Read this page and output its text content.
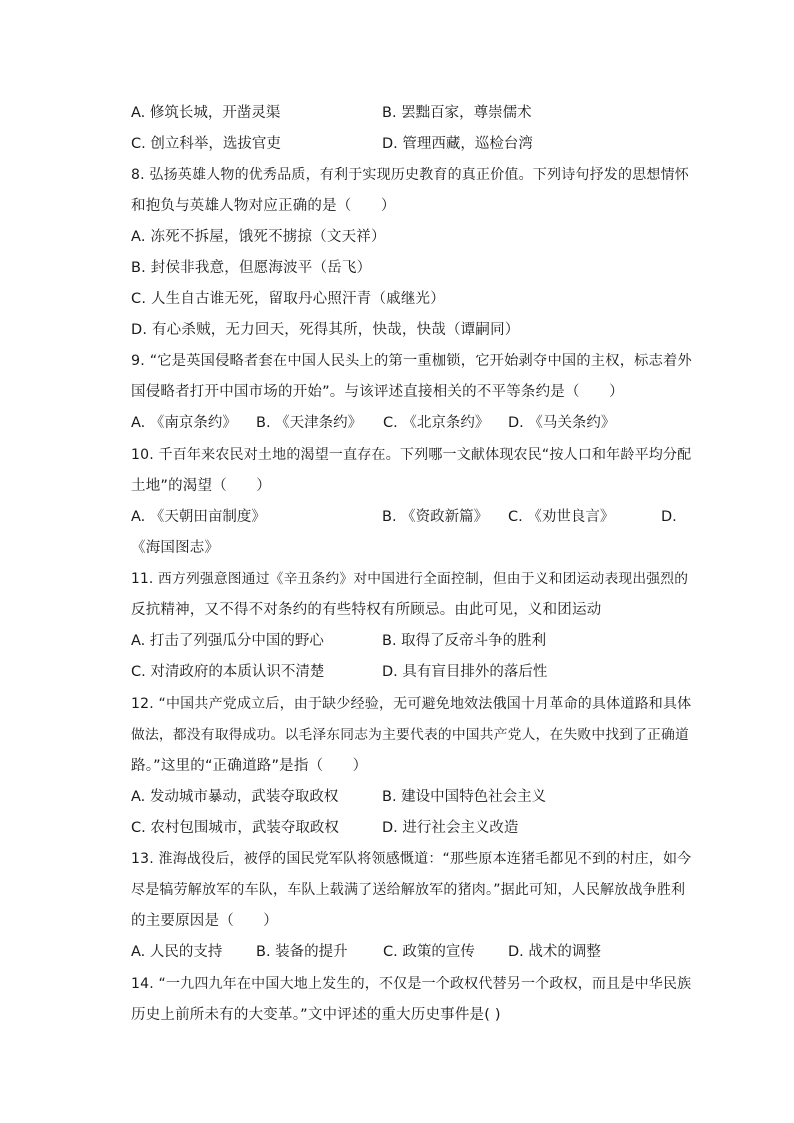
A. 修筑长城，开凿灵渠	B. 罢黜百家，尊崇儒术
C. 创立科举，选拔官吏	D. 管理西藏，巡检台湾
8. 弘扬英雄人物的优秀品质，有利于实现历史教育的真正价值。下列诗句抒发的思想情怀
和抱负与英雄人物对应正确的是（　　）
A. 冻死不拆屋，饿死不掳掠（文天祥）
B. 封侯非我意，但愿海波平（岳飞）
C. 人生自古谁无死，留取丹心照汗青（戚继光）
D. 有心杀贼，无力回天，死得其所，快哉，快哉（谭嗣同）
9. “它是英国侵略者套在中国人民头上的第一重枷锁，它开始剥夺中国的主权，标志着外
国侵略者打开中国市场的开始”。与该评述直接相关的不平等条约是（　　）
A. 《南京条约》 B. 《天津条约》 C. 《北京条约》 D. 《马关条约》
10. 千百年来农民对土地的渴望一直存在。下列哪一文献体现农民“按人口和年龄平均分配
土地”的渴望（　　）
A. 《天朝田亩制度》	B. 《资政新篇》 C. 《劝世良言》	D.
《海国图志》
11. 西方列强意图通过《辛丑条约》对中国进行全面控制，但由于义和团运动表现出强烈的
反抗精神，又不得不对条约的有些特权有所顾忌。由此可见，义和团运动
A. 打击了列强瓜分中国的野心	B. 取得了反帝斗争的胜利
C. 对清政府的本质认识不清楚	D. 具有盲目排外的落后性
12. “中国共产党成立后，由于缺少经验，无可避免地效法俄国十月革命的具体道路和具体
做法，都没有取得成功。以毛泽东同志为主要代表的中国共产党人，在失败中找到了正确道
路。”这里的“正确道路”是指（　　）
A. 发动城市暴动，武装夺取政权	B. 建设中国特色社会主义
C. 农村包围城市，武装夺取政权	D. 进行社会主义改造
13. 淮海战役后，被俘的国民党军队将领感慨道：“那些原本连猪毛都见不到的村庄，如今
尽是犒劳解放军的车队，车队上载满了送给解放军的猪肉。”据此可知，人民解放战争胜利
的主要原因是（　　）
A. 人民的支持 B. 装备的提升 C. 政策的宣传 D. 战术的调整
14. “一九四九年在中国大地上发生的，不仅是一个政权代替另一个政权，而且是中华民族
历史上前所未有的大变革。”文中评述的重大历史事件是( )
